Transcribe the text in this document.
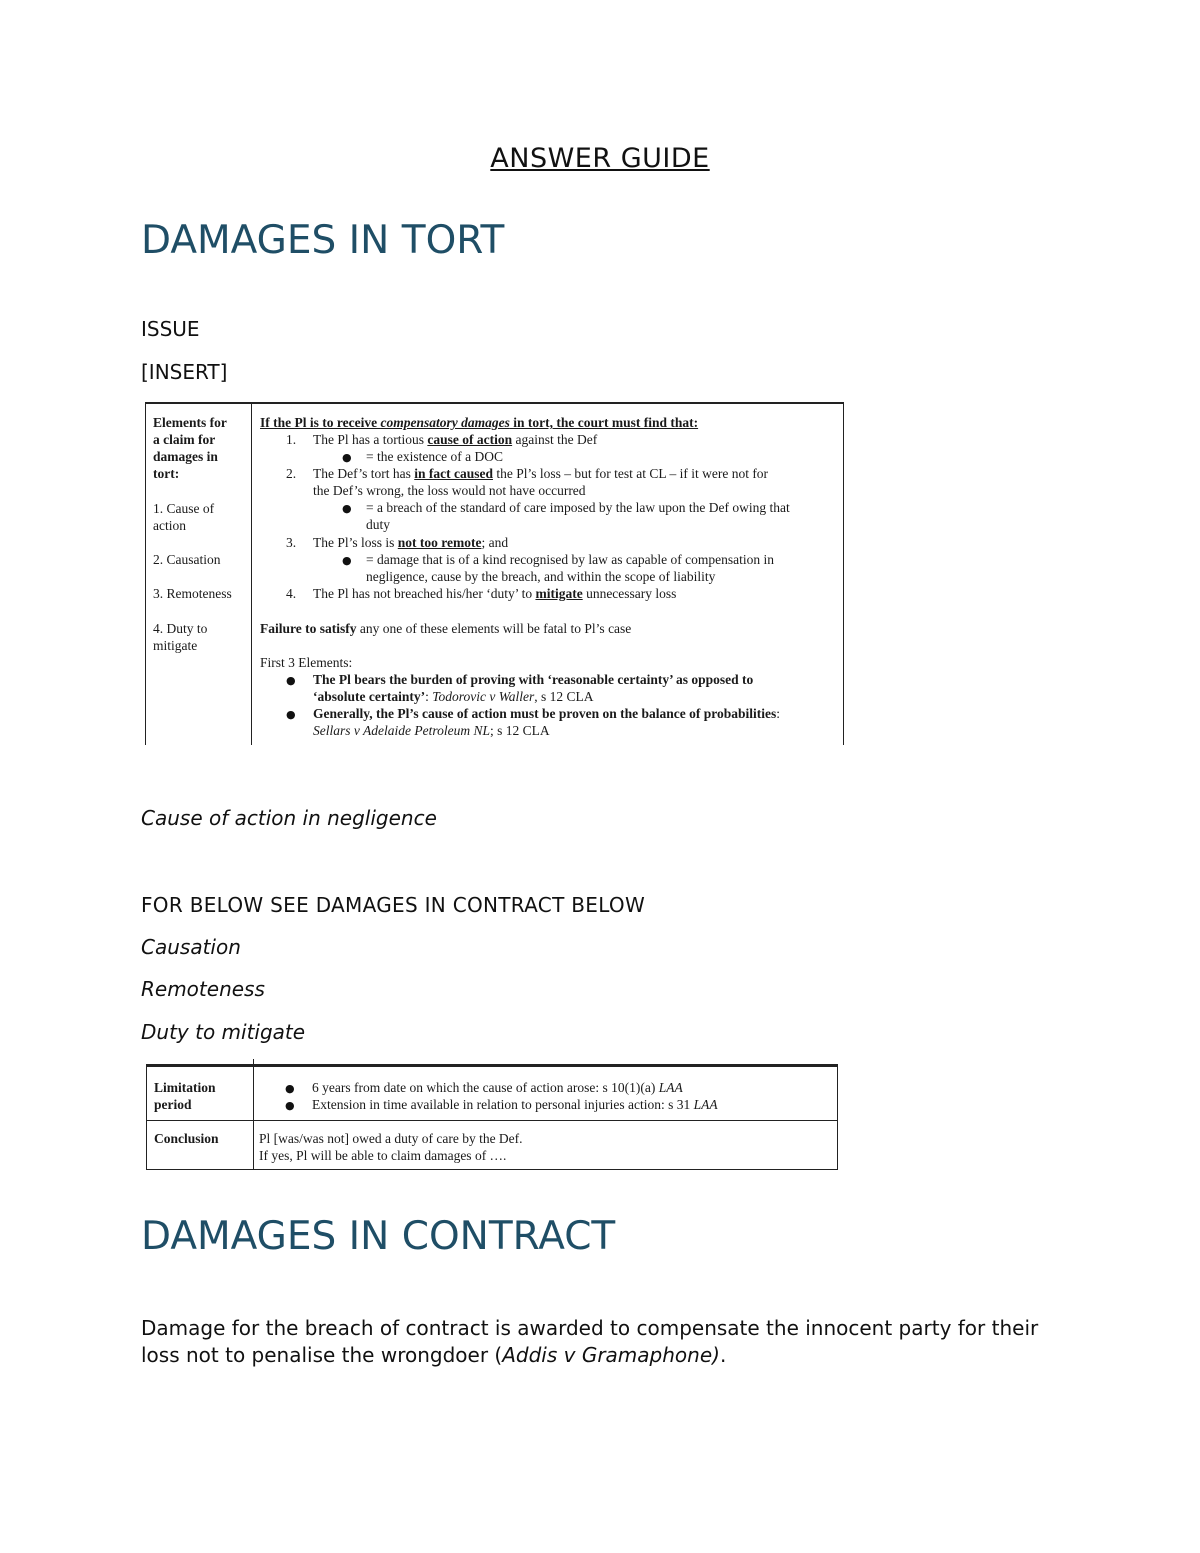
ANSWER GUIDE
DAMAGES IN TORT
ISSUE
[INSERT]
Elements for
a claim for
damages in
tort:
1. Cause of
action
2. Causation
3. Remoteness
4. Duty to
mitigate
If the Pl is to receive compensatory damages in tort, the court must find that:
1. The Pl has a tortious cause of action against the Def
● = the existence of a DOC
2. The Def’s tort has in fact caused the Pl’s loss – but for test at CL – if it were not for
the Def’s wrong, the loss would not have occurred
● = a breach of the standard of care imposed by the law upon the Def owing that
duty
3. The Pl’s loss is not too remote; and
● = damage that is of a kind recognised by law as capable of compensation in
negligence, cause by the breach, and within the scope of liability
4. The Pl has not breached his/her ‘duty’ to mitigate unnecessary loss
Failure to satisfy any one of these elements will be fatal to Pl’s case
First 3 Elements:
● The Pl bears the burden of proving with ‘reasonable certainty’ as opposed to
‘absolute certainty’: Todorovic v Waller, s 12 CLA
● Generally, the Pl’s cause of action must be proven on the balance of probabilities:
Sellars v Adelaide Petroleum NL; s 12 CLA
Cause of action in negligence
FOR BELOW SEE DAMAGES IN CONTRACT BELOW
Causation
Remoteness
Duty to mitigate
Limitation
period
● 6 years from date on which the cause of action arose: s 10(1)(a) LAA
● Extension in time available in relation to personal injuries action: s 31 LAA
Conclusion	Pl [was/was not] owed a duty of care by the Def.
If yes, Pl will be able to claim damages of ….
DAMAGES IN CONTRACT
Damage for the breach of contract is awarded to compensate the innocent party for their loss not to penalise the wrongdoer (Addis v Gramaphone).
